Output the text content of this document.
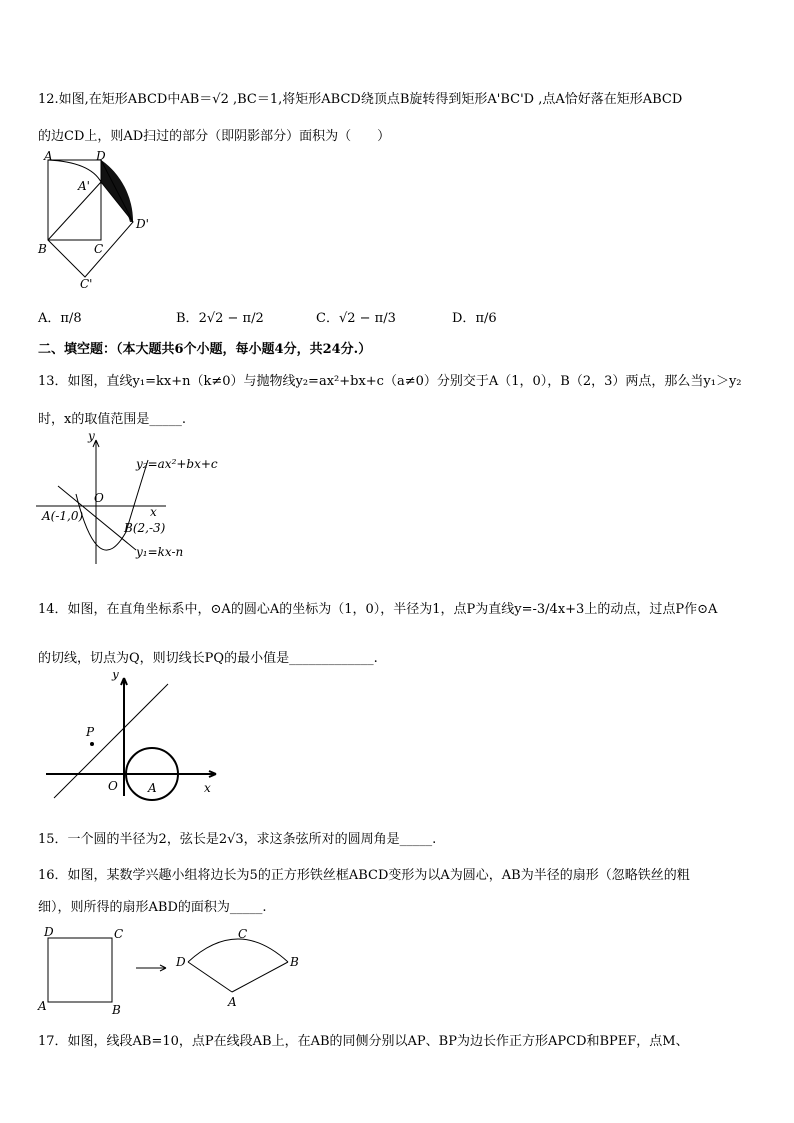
12.如图,在矩形ABCD中AB＝√2 ,BC＝1,将矩形ABCD绕顶点B旋转得到矩形A'BC'D ,点A恰好落在矩形ABCD
的边CD上，则AD扫过的部分（即阴影部分）面积为（　　）
A	D
A'
D'
B	C
C'
A．π/8	B．2√2 − π/2	C．√2 − π/3	D．π/6
二、填空题：（本大题共6个小题，每小题4分，共24分.）
13．如图，直线y₁=kx+n（k≠0）与抛物线y₂=ax²+bx+c（a≠0）分别交于A（1，0），B（2，3）两点，那么当y₁＞y₂
时，x的取值范围是_____.
y
x
O
A(-1,0)
B(2,-3)
y₂=ax²+bx+c
y₁=kx-n
14．如图，在直角坐标系中，⊙A的圆心A的坐标为（1，0），半径为1，点P为直线y=-3/4x+3上的动点，过点P作⊙A
的切线，切点为Q，则切线长PQ的最小值是_____________.
y
x
O	A
P
15．一个圆的半径为2，弦长是2√3，求这条弦所对的圆周角是_____.
16．如图，某数学兴趣小组将边长为5的正方形铁丝框ABCD变形为以A为圆心，AB为半径的扇形（忽略铁丝的粗
细），则所得的扇形ABD的面积为_____.
D	C
A	B
D
C
B
A
17．如图，线段AB=10，点P在线段AB上，在AB的同侧分别以AP、BP为边长作正方形APCD和BPEF，点M、
